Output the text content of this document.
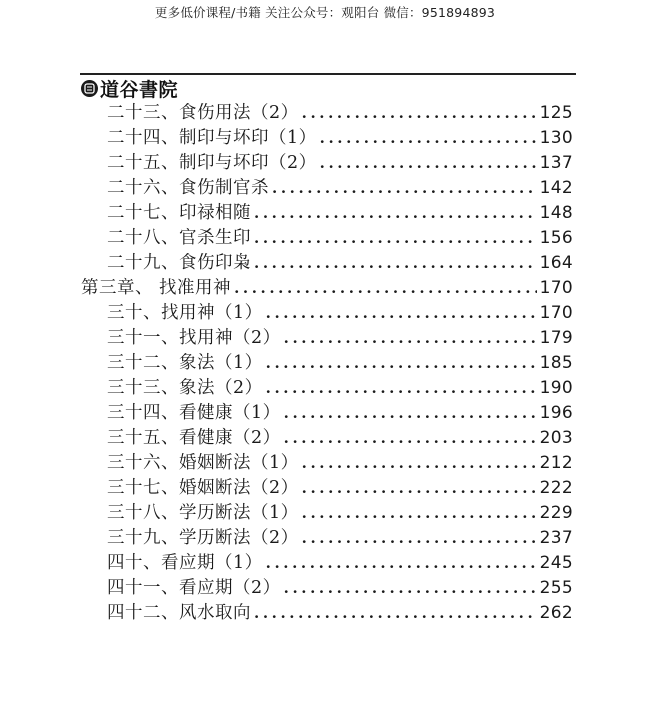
更多低价课程/书籍 关注公众号：观阳台 微信：951894893
道谷書院
二十三、食伤用法（2） .....	125
二十四、制印与坏印（1） .....	130
二十五、制印与坏印（2） .....	137
二十六、食伤制官杀 .....	142
二十七、印禄相随 .....	148
二十八、官杀生印 .....	156
二十九、食伤印枭 .....	164
第三章、 找准用神 .....	170
三十、找用神（1） .....	170
三十一、找用神（2） .....	179
三十二、象法（1） .....	185
三十三、象法（2） .....	190
三十四、看健康（1） .....	196
三十五、看健康（2） .....	203
三十六、婚姻断法（1） .....	212
三十七、婚姻断法（2） .....	222
三十八、学历断法（1） .....	229
三十九、学历断法（2） .....	237
四十、看应期（1） .....	245
四十一、看应期（2） .....	255
四十二、风水取向 .....	262
